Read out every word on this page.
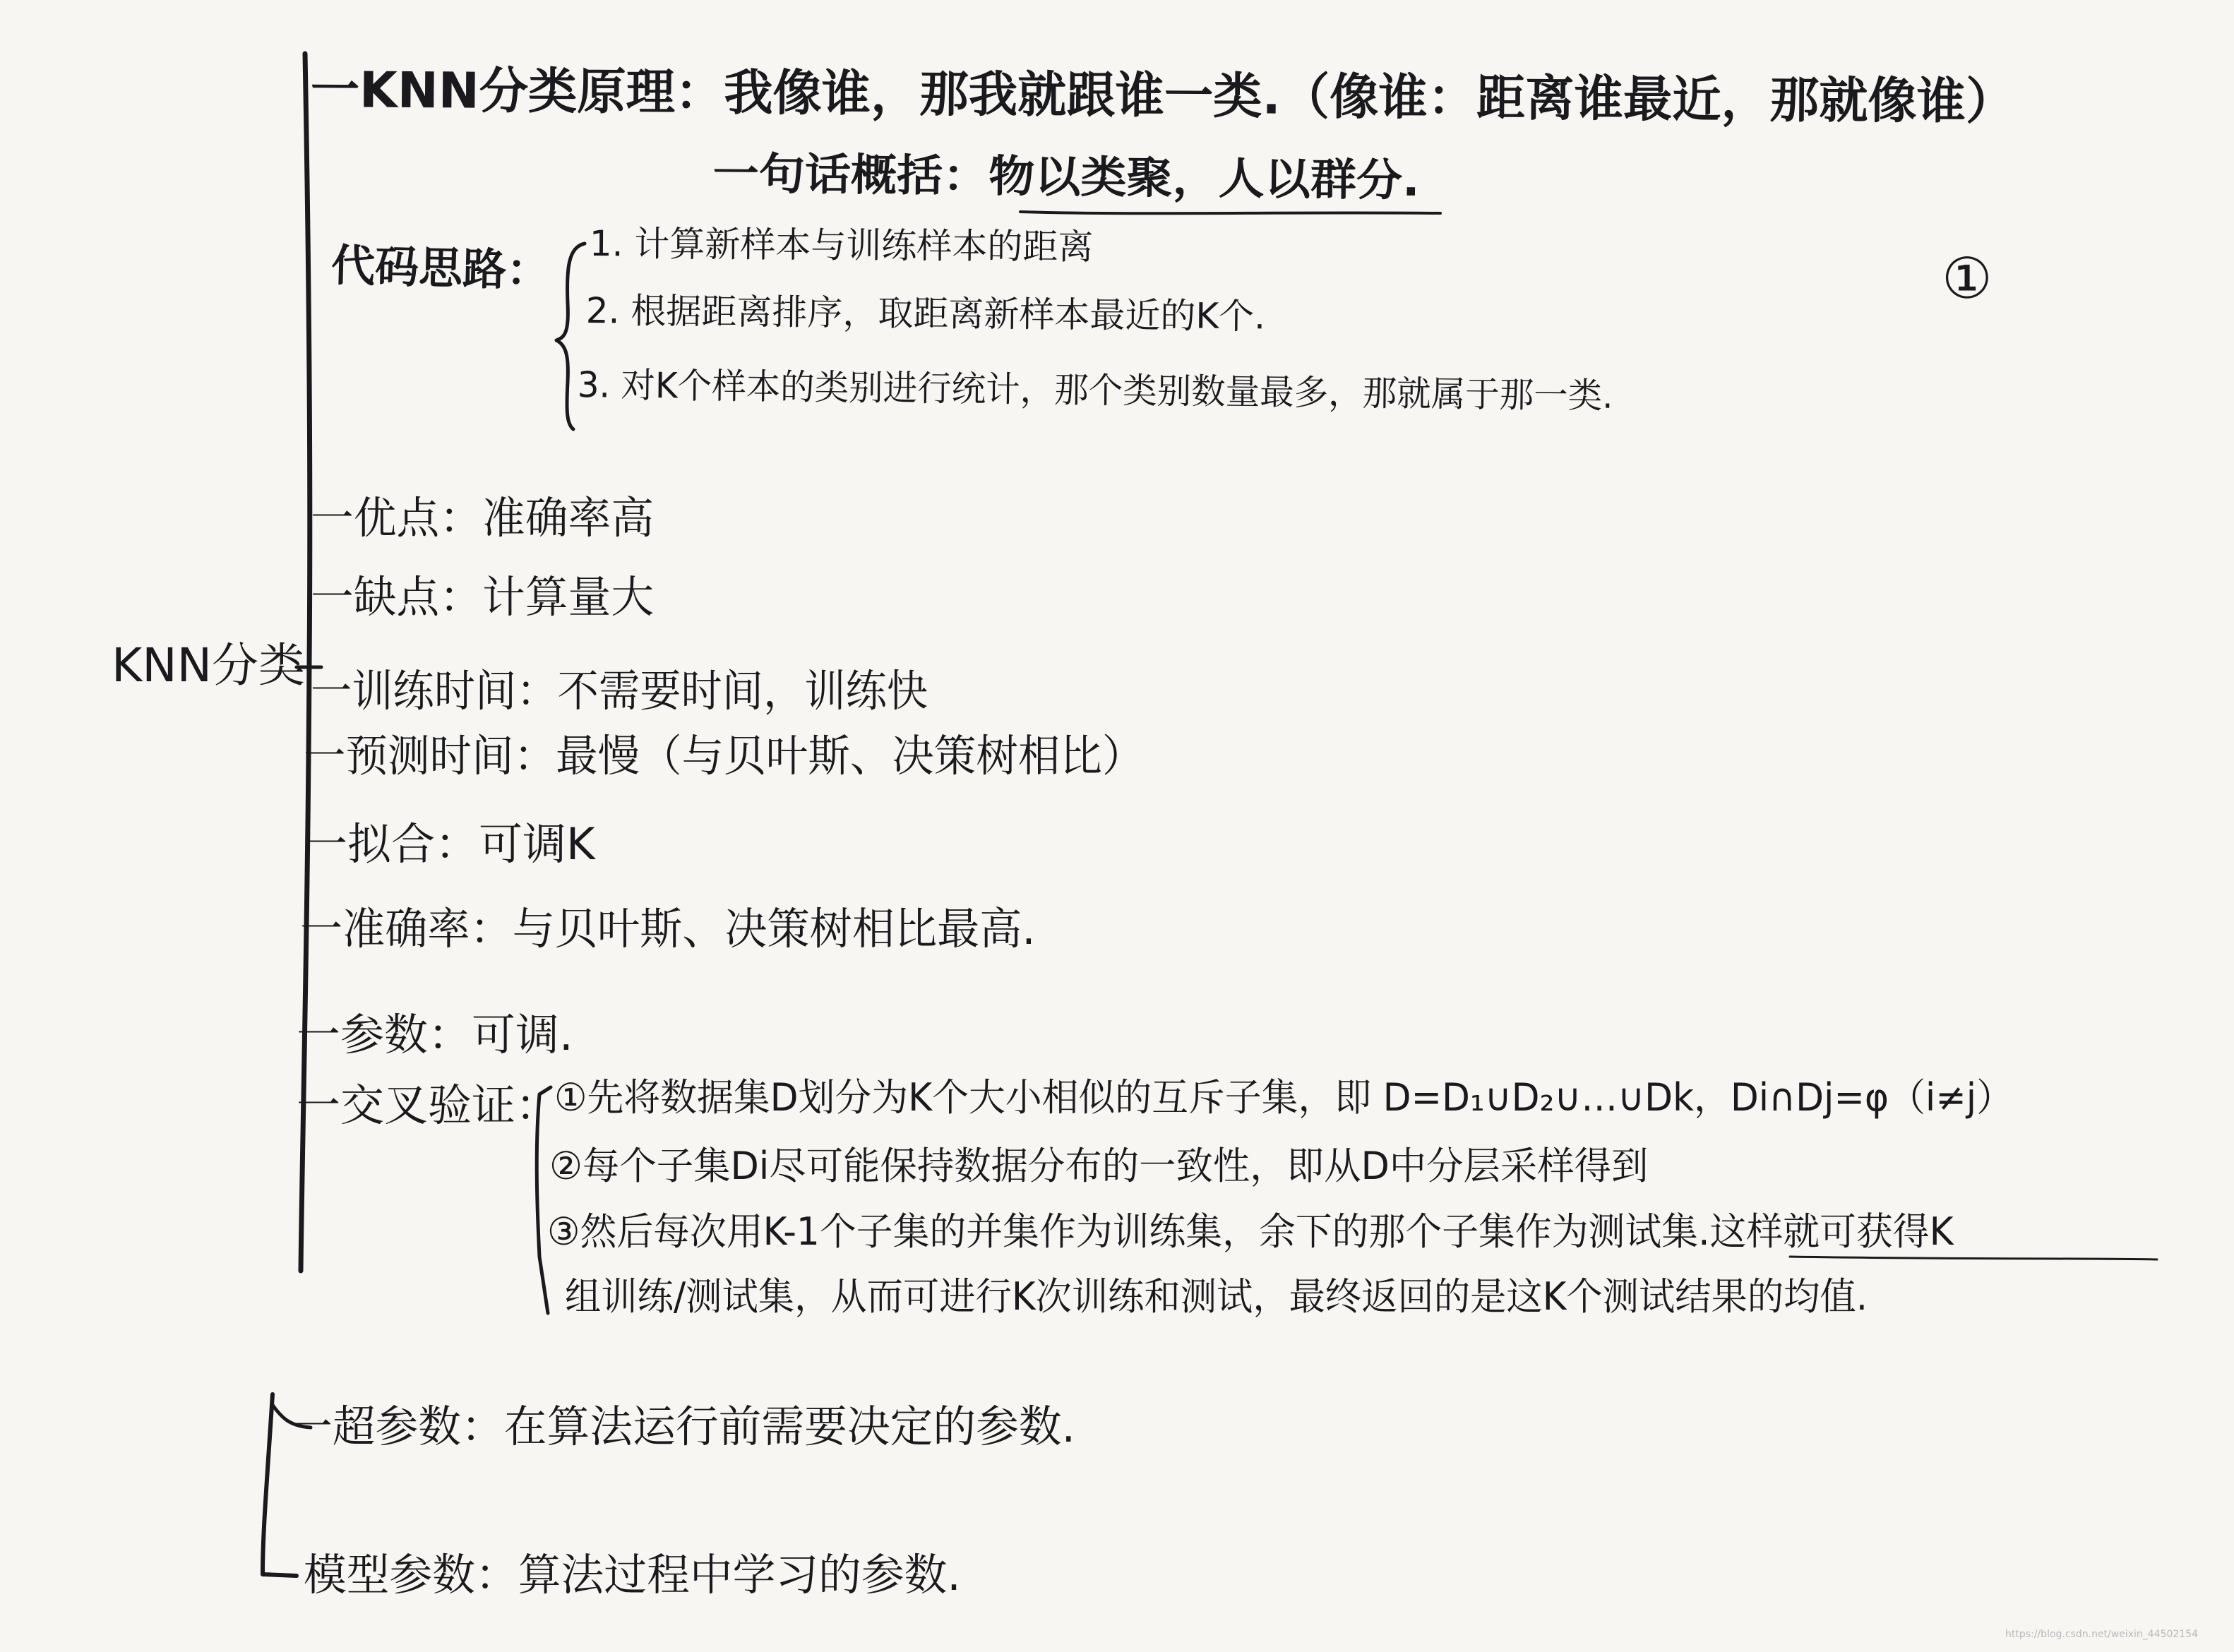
①
KNN分类
一KNN分类原理：我像谁，那我就跟谁一类.（像谁：距离谁最近，那就像谁）
一句话概括：物以类聚，人以群分.
代码思路： 1. 计算新样本与训练样本的距离
2. 根据距离排序，取距离新样本最近的K个.
3. 对K个样本的类别进行统计，那个类别数量最多，那就属于那一类.
一优点：准确率高
一缺点：计算量大
一训练时间：不需要时间，训练快
一预测时间：最慢（与贝叶斯、决策树相比）
一拟合：可调K
一准确率：与贝叶斯、决策树相比最高.
一参数：可调.
一交叉验证：
①先将数据集D划分为K个大小相似的互斥子集，即 D=D₁∪D₂∪…∪Dk，Di∩Dj=φ（i≠j）
②每个子集Di尽可能保持数据分布的一致性，即从D中分层采样得到
③然后每次用K-1个子集的并集作为训练集，余下的那个子集作为测试集.这样就可获得K
组训练/测试集，从而可进行K次训练和测试，最终返回的是这K个测试结果的均值.
一超参数：在算法运行前需要决定的参数.
模型参数：算法过程中学习的参数.
https://blog.csdn.net/weixin_44502154
